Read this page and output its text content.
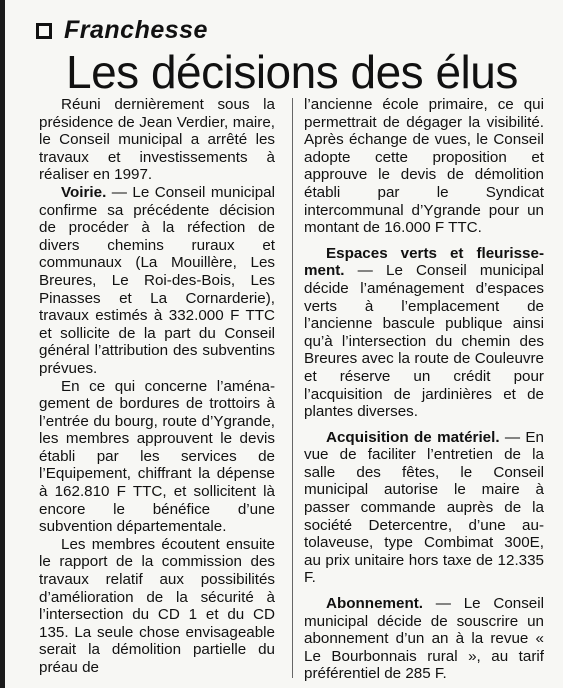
Franchesse
Les décisions des élus

Réuni dernièrement sous la présidence de Jean Verdier, maire, le Conseil municipal a arrêté les travaux et investissements à réaliser en 1997.

Voirie. — Le Conseil municipal confirme sa précédente décision de procéder à la réfection de divers chemins ruraux et communaux (La Mouillère, Les Breures, Le Roi-des-Bois, Les Pinasses et La Cornarderie), travaux estimés à 332.000 F TTC et sollicite de la part du Conseil général l’attribution des subventins prévues.

En ce qui concerne l’aménagement de bordures de trottoirs à l’entrée du bourg, route d’Ygrande, les membres approuvent le devis établi par les services de l’Equipement, chiffrant la dépense à 162.810 F TTC, et sollicitent là encore le bénéfice d’une subvention départementale.

Les membres écoutent ensuite le rapport de la commission des travaux relatif aux possibilités d’amélioration de la sécurité à l’intersection du CD 1 et du CD 135. La seule chose envisageable serait la démolition partielle du préau de

l’ancienne école primaire, ce qui permettrait de dégager la visibilité. Après échange de vues, le Conseil adopte cette proposition et approuve le devis de démolition établi par le Syndicat intercommunal d’Ygrande pour un montant de 16.000 F TTC.

Espaces verts et fleurissement. — Le Conseil municipal décide l’aménagement d’espaces verts à l’emplacement de l’ancienne bascule publique ainsi qu’à l’intersection du chemin des Breures avec la route de Couleuvre et réserve un crédit pour l’acquisition de jardinières et de plantes diverses.

Acquisition de matériel. — En vue de faciliter l’entretien de la salle des fêtes, le Conseil municipal autorise le maire à passer commande auprès de la société Detercentre, d’une autolaveuse, type Combimat 300E, au prix unitaire hors taxe de 12.335 F.

Abonnement. — Le Conseil municipal décide de souscrire un abonnement d’un an à la revue « Le Bourbonnais rural », au tarif préférentiel de 285 F.
